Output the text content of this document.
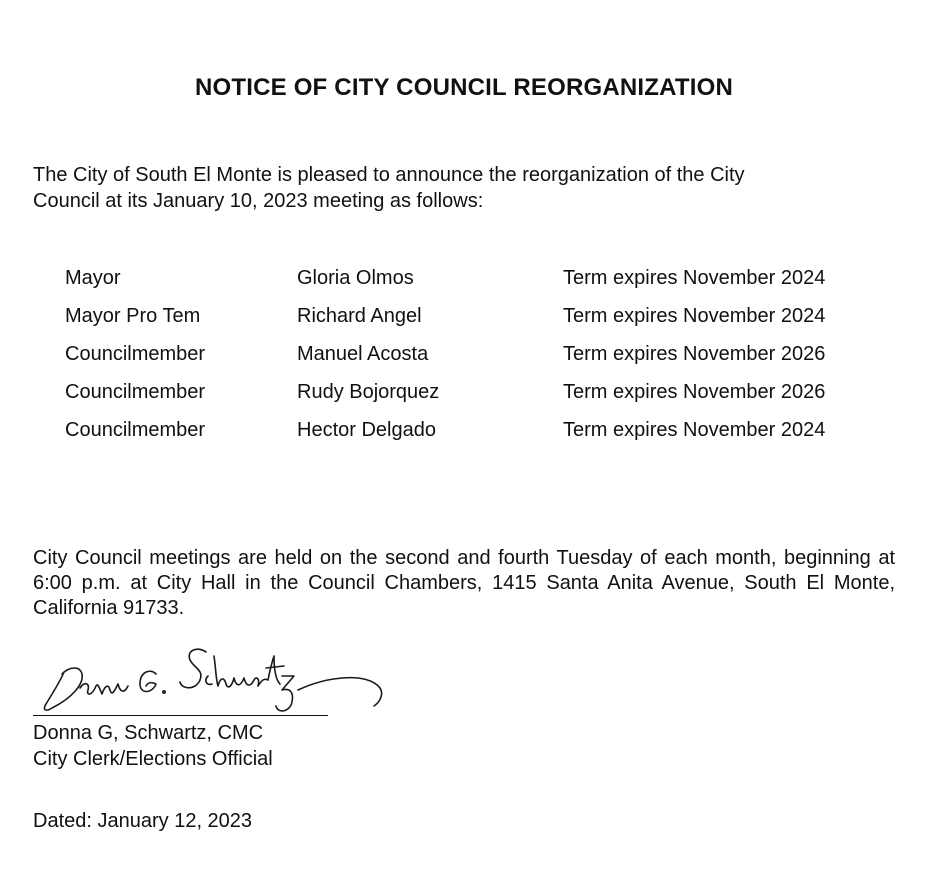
NOTICE OF CITY COUNCIL REORGANIZATION
The City of South El Monte is pleased to announce the reorganization of the City
Council at its January 10, 2023 meeting as follows:
Mayor	Gloria Olmos	Term expires November 2024
Mayor Pro Tem	Richard Angel	Term expires November 2024
Councilmember	Manuel Acosta	Term expires November 2026
Councilmember	Rudy Bojorquez	Term expires November 2026
Councilmember	Hector Delgado	Term expires November 2024
City Council meetings are held on the second and fourth Tuesday of each month, beginning at 6:00 p.m. at City Hall in the Council Chambers, 1415 Santa Anita Avenue, South El Monte, California 91733.
Donna G, Schwartz, CMC
City Clerk/Elections Official
Dated: January 12, 2023
